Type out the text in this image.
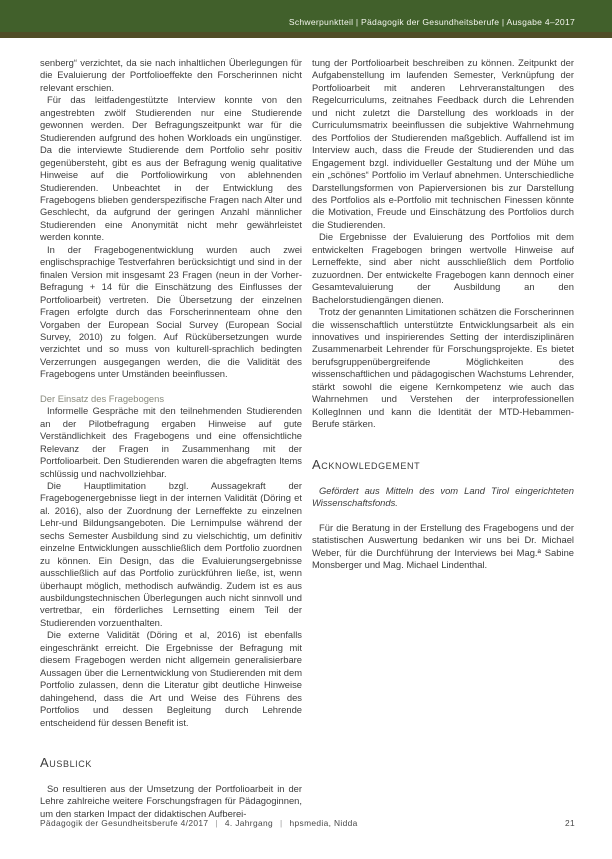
Schwerpunktteil | Pädagogik der Gesundheitsberufe | Ausgabe 4–2017

senberg“ verzichtet, da sie nach inhaltlichen Überlegungen für die Evaluierung der Portfolioeffekte den Forscherinnen nicht relevant erschien.

Für das leitfadengestützte Interview konnte von den angestrebten zwölf Studierenden nur eine Studierende gewonnen werden. Der Befragungszeitpunkt war für die Studierenden aufgrund des hohen Workloads ein ungünstiger. Da die interviewte Studierende dem Portfolio sehr positiv gegenübersteht, gibt es aus der Befragung wenig qualitative Hinweise auf die Portfoliowirkung von ablehnenden Studierenden. Unbeachtet in der Entwicklung des Fragebogens blieben genderspezifische Fragen nach Alter und Geschlecht, da aufgrund der geringen Anzahl männlicher Studierenden eine Anonymität nicht mehr gewährleistet werden konnte.

In der Fragebogenentwicklung wurden auch zwei englischsprachige Testverfahren berücksichtigt und sind in der finalen Version mit insgesamt 23 Fragen (neun in der Vorher-Befragung + 14 für die Einschätzung des Einflusses der Portfolioarbeit) vertreten. Die Übersetzung der einzelnen Fragen erfolgte durch das Forscherinnenteam ohne den Vorgaben der European Social Survey (European Social Survey, 2010) zu folgen. Auf Rückübersetzungen wurde verzichtet und so muss von kulturell-sprachlich bedingten Verzerrungen ausgegangen werden, die die Validität des Fragebogens unter Umständen beeinflussen.

Der Einsatz des Fragebogens

Informelle Gespräche mit den teilnehmenden Studierenden an der Pilotbefragung ergaben Hinweise auf gute Verständlichkeit des Fragebogens und eine offensichtliche Relevanz der Fragen in Zusammenhang mit der Portfolioarbeit. Den Studierenden waren die abgefragten Items schlüssig und nachvollziehbar.

Die Hauptlimitation bzgl. Aussagekraft der Fragebogenergebnisse liegt in der internen Validität (Döring et al. 2016), also der Zuordnung der Lerneffekte zu einzelnen Lehr-und Bildungsangeboten. Die Lernimpulse während der sechs Semester Ausbildung sind zu vielschichtig, um definitiv einzelne Entwicklungen ausschließlich dem Portfolio zuordnen zu können. Ein Design, das die Evaluierungsergebnisse ausschließlich auf das Portfolio zurückführen ließe, ist, wenn überhaupt möglich, methodisch aufwändig. Zudem ist es aus ausbildungstechnischen Überlegungen auch nicht sinnvoll und vertretbar, ein förderliches Lernsetting einem Teil der Studierenden vorzuenthalten.

Die externe Validität (Döring et al, 2016) ist ebenfalls eingeschränkt erreicht. Die Ergebnisse der Befragung mit diesem Fragebogen werden nicht allgemein generalisierbare Aussagen über die Lernentwicklung von Studierenden mit dem Portfolio zulassen, denn die Literatur gibt deutliche Hinweise dahingehend, dass die Art und Weise des Führens des Portfolios und dessen Begleitung durch Lehrende entscheidend für dessen Benefit ist.

Ausblick

So resultieren aus der Umsetzung der Portfolioarbeit in der Lehre zahlreiche weitere Forschungsfragen für Pädagoginnen, um den starken Impact der didaktischen Aufberei-

tung der Portfolioarbeit beschreiben zu können. Zeitpunkt der Aufgabenstellung im laufenden Semester, Verknüpfung der Portfolioarbeit mit anderen Lehrveranstaltungen des Regelcurriculums, zeitnahes Feedback durch die Lehrenden und nicht zuletzt die Darstellung des workloads in der Curriculumsmatrix beeinflussen die subjektive Wahrnehmung des Portfolios der Studierenden maßgeblich. Auffallend ist im Interview auch, dass die Freude der Studierenden und das Engagement bzgl. individueller Gestaltung und der Mühe um ein „schönes“ Portfolio im Verlauf abnehmen. Unterschiedliche Darstellungsformen von Papierversionen bis zur Darstellung des Portfolios als e-Portfolio mit technischen Finessen könnte die Motivation, Freude und Einschätzung des Portfolios durch die Studierenden.

Die Ergebnisse der Evaluierung des Portfolios mit dem entwickelten Fragebogen bringen wertvolle Hinweise auf Lerneffekte, sind aber nicht ausschließlich dem Portfolio zuzuordnen. Der entwickelte Fragebogen kann dennoch einer Gesamtevaluierung der Ausbildung an den Bachelorstudiengängen dienen.

Trotz der genannten Limitationen schätzen die Forscherinnen die wissenschaftlich unterstützte Entwicklungsarbeit als ein innovatives und inspirierendes Setting der interdisziplinären Zusammenarbeit Lehrender für Forschungsprojekte. Es bietet berufsgruppenübergreifende Möglichkeiten des wissenschaftlichen und pädagogischen Wachstums Lehrender, stärkt sowohl die eigene Kernkompetenz wie auch das Wahrnehmen und Verstehen der interprofessionellen KollegInnen und kann die Identität der MTD-Hebammen-Berufe stärken.

Acknowledgement

Gefördert aus Mitteln des vom Land Tirol eingerichteten Wissenschaftsfonds.

Für die Beratung in der Erstellung des Fragebogens und der statistischen Auswertung bedanken wir uns bei Dr. Michael Weber, für die Durchführung der Interviews bei Mag.ª Sabine Monsberger und Mag. Michael Lindenthal.

Pädagogik der Gesundheitsberufe 4/2017 | 4. Jahrgang | hpsmedia, Nidda	21
